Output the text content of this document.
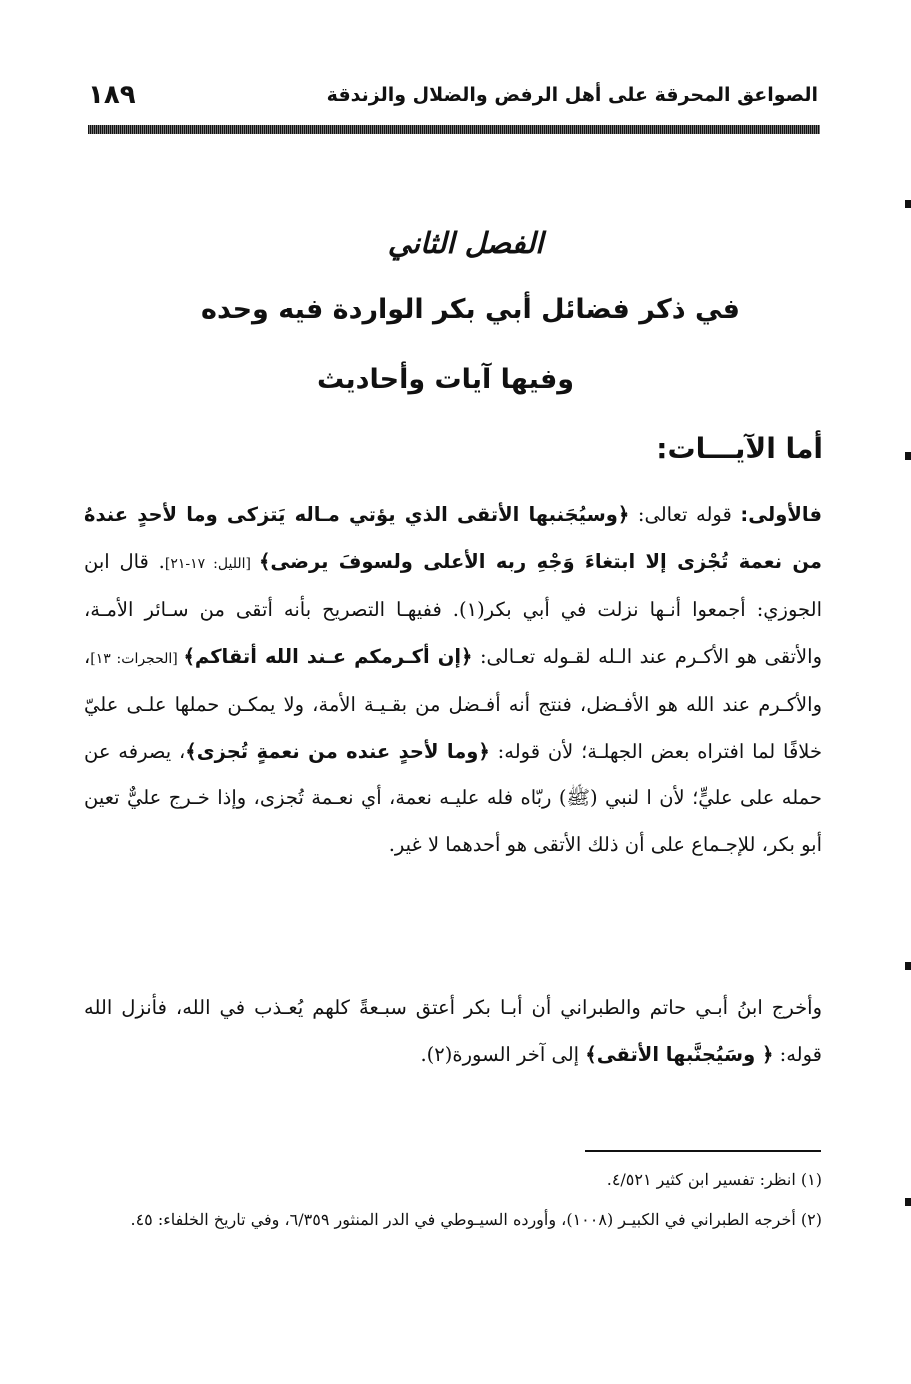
الصواعق المحرقة على أهل الرفض والضلال والزندقة
١٨٩
الفصل الثاني
في ذكر فضائل أبي بكر الواردة فيه وحده
وفيها آيات وأحاديث
أما الآيـــات:
فالأولى: قوله تعالى: ﴿وسيُجَنبها الأتقى الذي يؤتي مـاله يَتزكى وما لأحدٍ عندهُ من نعمة تُجْزى إلا ابتغاءَ وَجْهِ ربه الأعلى ولسوفَ يرضى﴾ [الليل: ١٧-٢١]. قال ابن الجوزي: أجمعوا أنـها نزلت في أبي بكر(١). ففيهـا التصريح بأنه أتقى من سـائر الأمـة، والأتقى هو الأكـرم عند الـله لقـوله تعـالى: ﴿إن أكـرمكم عـند الله أتقاكم﴾ [الحجرات: ١٣]، والأكـرم عند الله هو الأفـضل، فنتج أنه أفـضل من بقـيـة الأمة، ولا يمكـن حملها علـى عليّ خلافًا لما افتراه بعض الجهلـة؛ لأن قوله: ﴿وما لأحدٍ عنده من نعمةٍ تُجزى﴾، يصرفه عن حمله على عليٍّ؛ لأن ا لنبي (ﷺ) ربّاه فله عليـه نعمة، أي نعـمة تُجزى، وإذا خـرج عليٌّ تعين أبو بكر، للإجـماع على أن ذلك الأتقى هو أحدهما لا غير.
وأخرج ابنُ أبـي حاتم والطبراني أن أبـا بكر أعتق سبـعةً كلهم يُعـذب في الله، فأنزل الله قوله: ﴿ وسَيُجنَّبها الأتقى﴾ إلى آخر السورة(٢).

(١) انظر: تفسير ابن كثير ٤/٥٢١.

(٢) أخرجه الطبراني في الكبيـر (١٠٠٨)، وأورده السيـوطي في الدر المنثور ٦/٣٥٩، وفي تاريخ الخلفاء: ٤٥.
